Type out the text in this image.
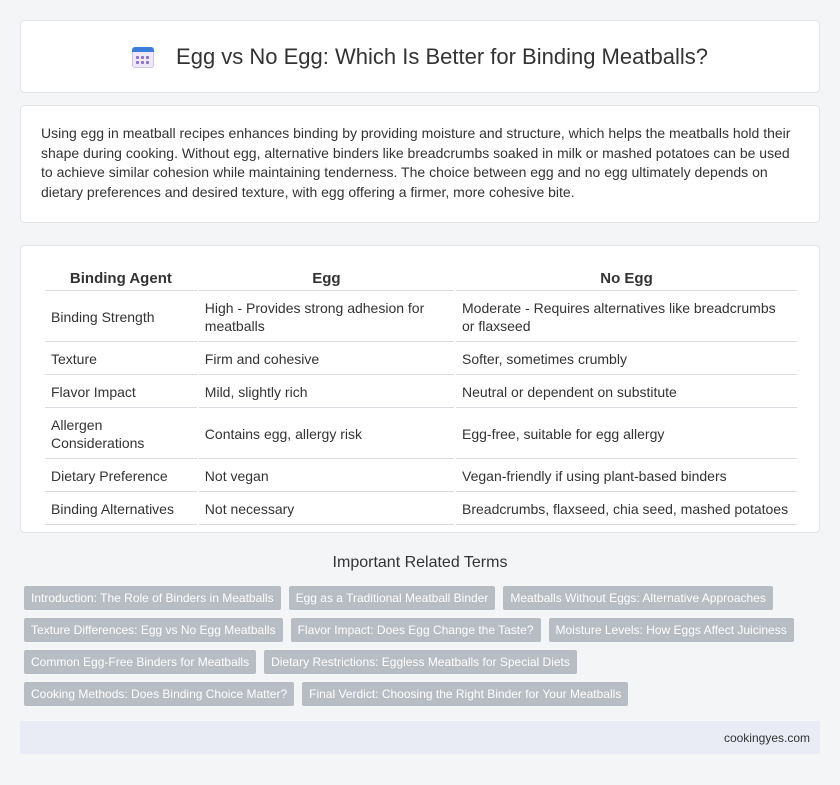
Egg vs No Egg: Which Is Better for Binding Meatballs?

Using egg in meatball recipes enhances binding by providing moisture and structure, which helps the meatballs hold their shape during cooking. Without egg, alternative binders like breadcrumbs soaked in milk or mashed potatoes can be used to achieve similar cohesion while maintaining tenderness. The choice between egg and no egg ultimately depends on dietary preferences and desired texture, with egg offering a firmer, more cohesive bite.

Binding Agent	Egg	No Egg
Binding Strength	High - Provides strong adhesion for meatballs	Moderate - Requires alternatives like breadcrumbs or flaxseed
Texture	Firm and cohesive	Softer, sometimes crumbly
Flavor Impact	Mild, slightly rich	Neutral or dependent on substitute
Allergen Considerations	Contains egg, allergy risk	Egg-free, suitable for egg allergy
Dietary Preference	Not vegan	Vegan-friendly if using plant-based binders
Binding Alternatives	Not necessary	Breadcrumbs, flaxseed, chia seed, mashed potatoes
Important Related Terms
Introduction: The Role of Binders in Meatballs	Egg as a Traditional Meatball Binder	Meatballs Without Eggs: Alternative Approaches
Texture Differences: Egg vs No Egg Meatballs	Flavor Impact: Does Egg Change the Taste?	Moisture Levels: How Eggs Affect Juiciness
Common Egg-Free Binders for Meatballs	Dietary Restrictions: Eggless Meatballs for Special Diets
Cooking Methods: Does Binding Choice Matter?	Final Verdict: Choosing the Right Binder for Your Meatballs
cookingyes.com
